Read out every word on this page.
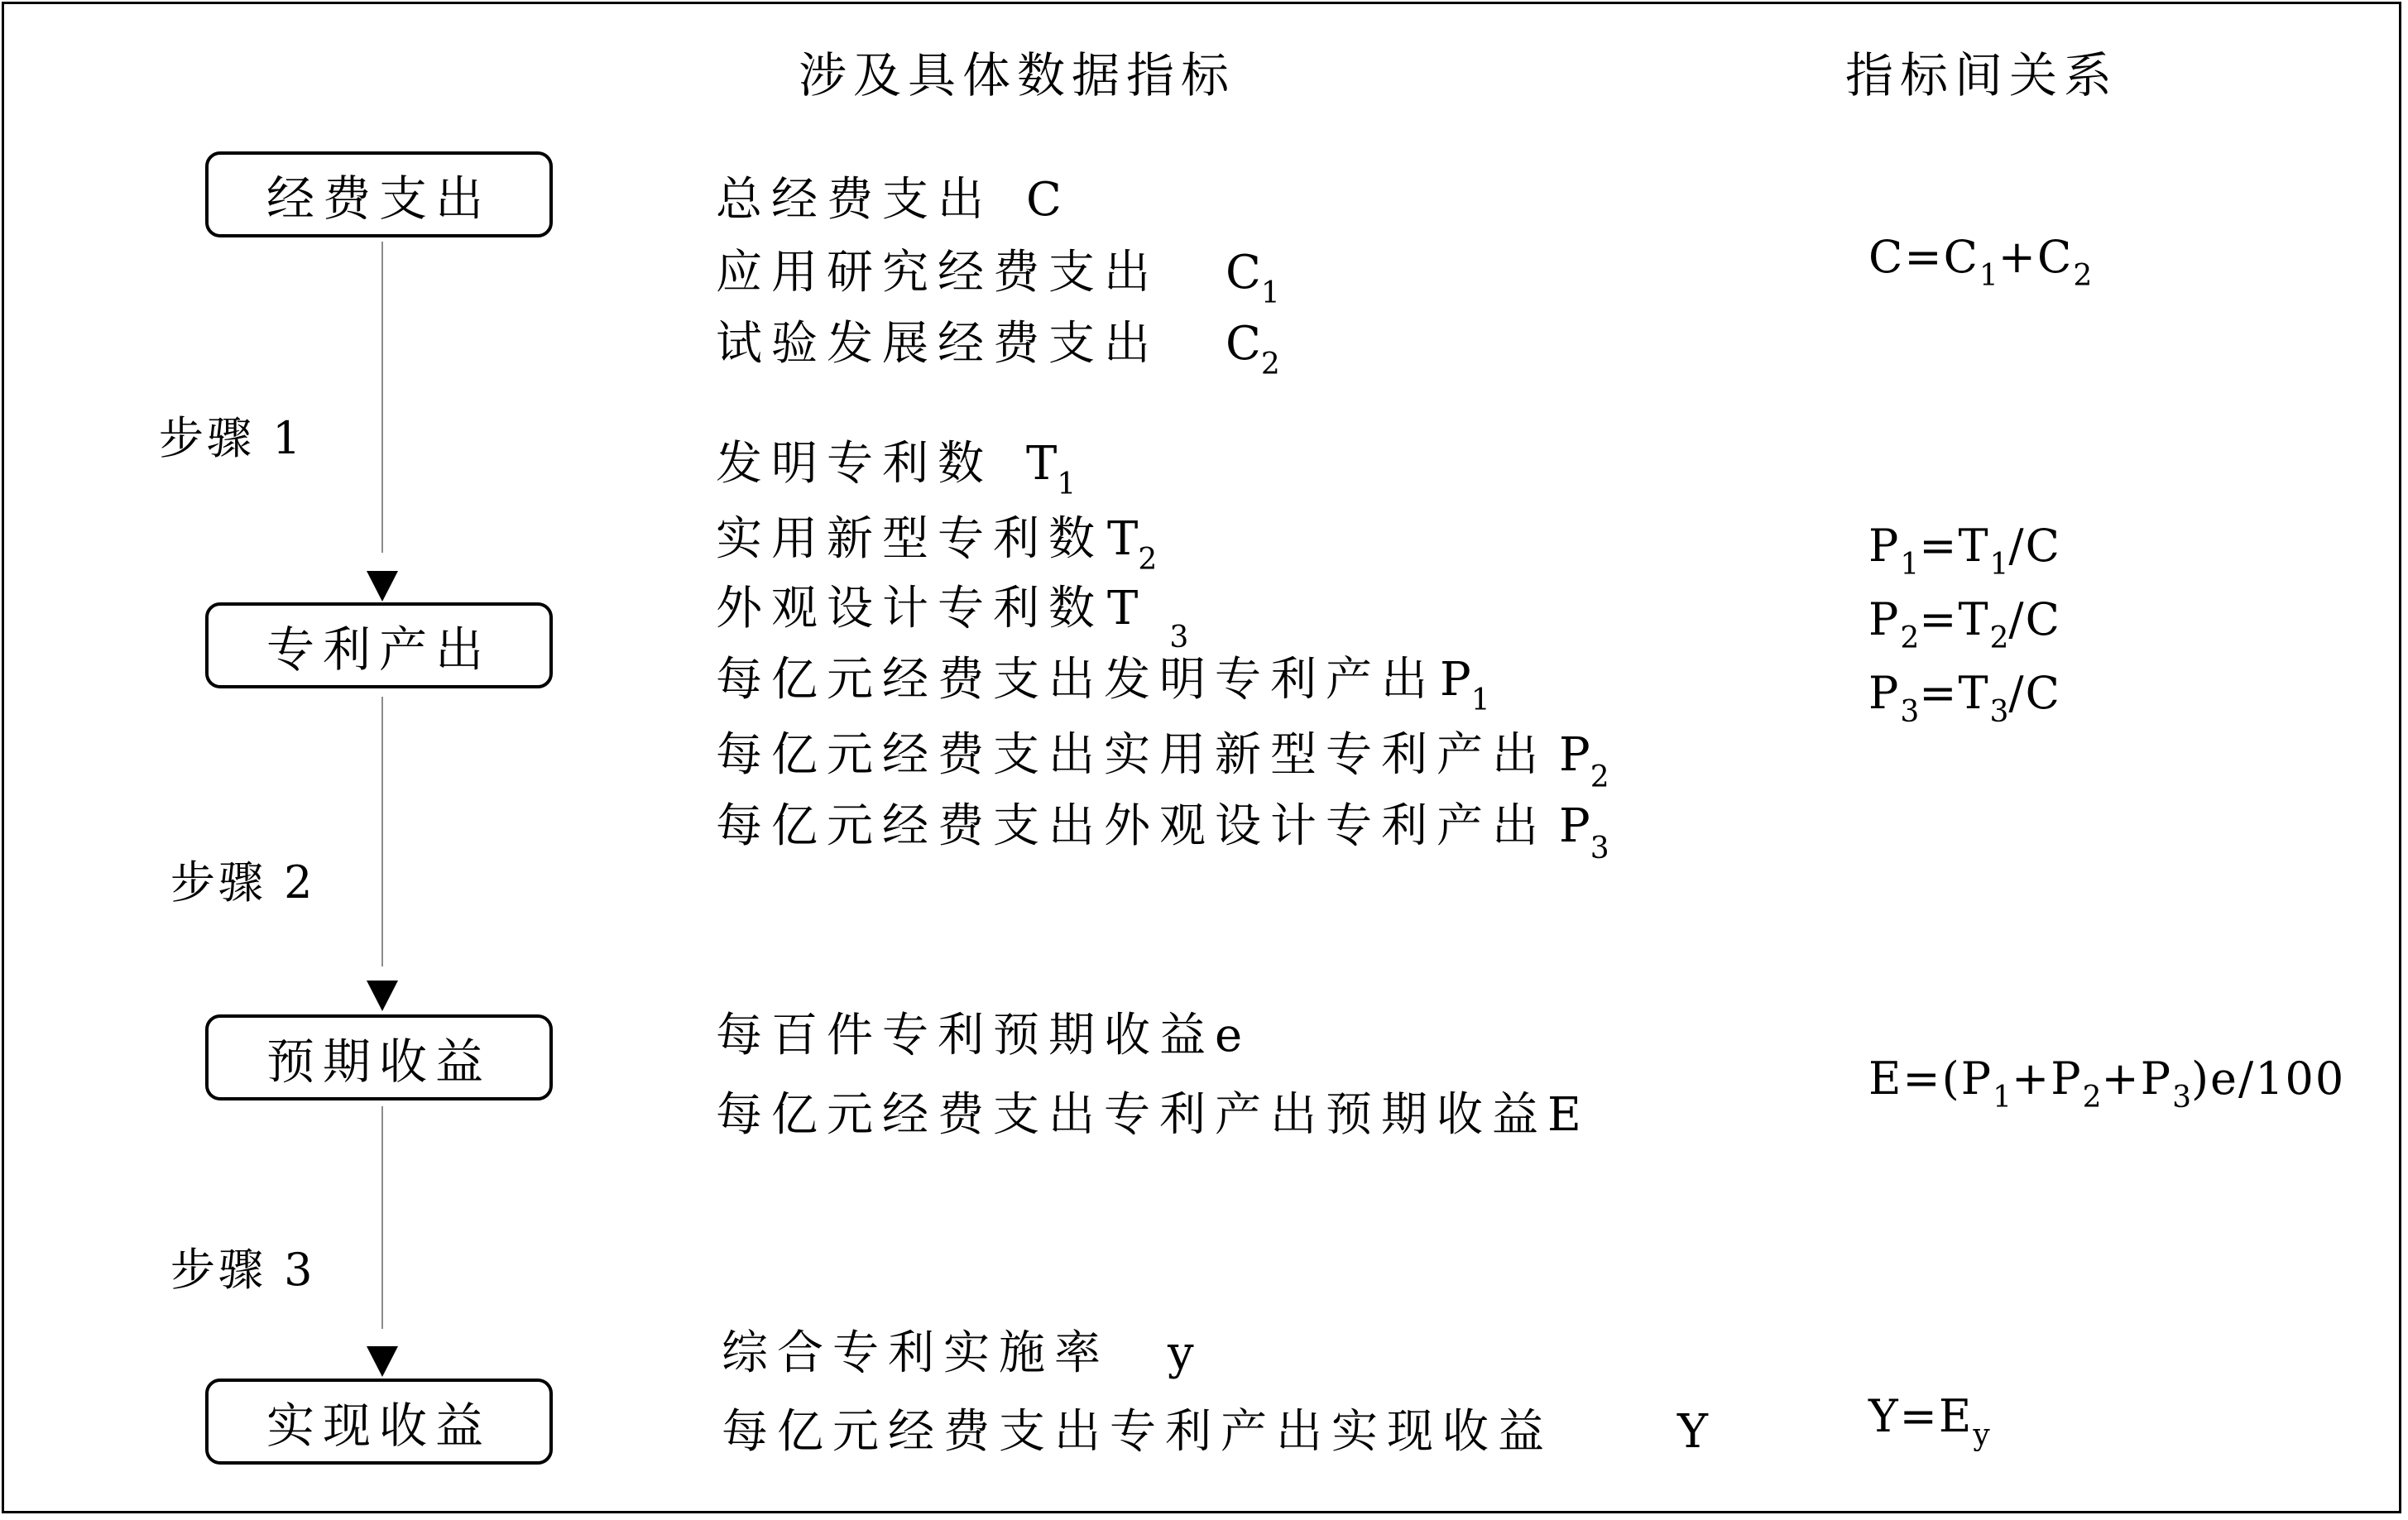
涉及具体数据指标	指标间关系
经费支出
专利产出
预期收益
实现收益
步骤 1
步骤 2
步骤 3
总经费支出 C
应用研究经费支出 $C_1$
试验发展经费支出 $C_2$
发明专利数 $T_1$
实用新型专利数$T_2$
外观设计专利数$T_3$
每亿元经费支出发明专利产出$P_1$
每亿元经费支出实用新型专利产出 $P_2$
每亿元经费支出外观设计专利产出 $P_3$
每百件专利预期收益e
每亿元经费支出专利产出预期收益E
综合专利实施率 y
每亿元经费支出专利产出实现收益	Y
$C=C_1+C_2$
$P_1=T_1/C$
$P_2=T_2/C$
$P_3=T_3/C$
$E=(P_1+P_2+P_3)e/100$
$Y=E_y$
